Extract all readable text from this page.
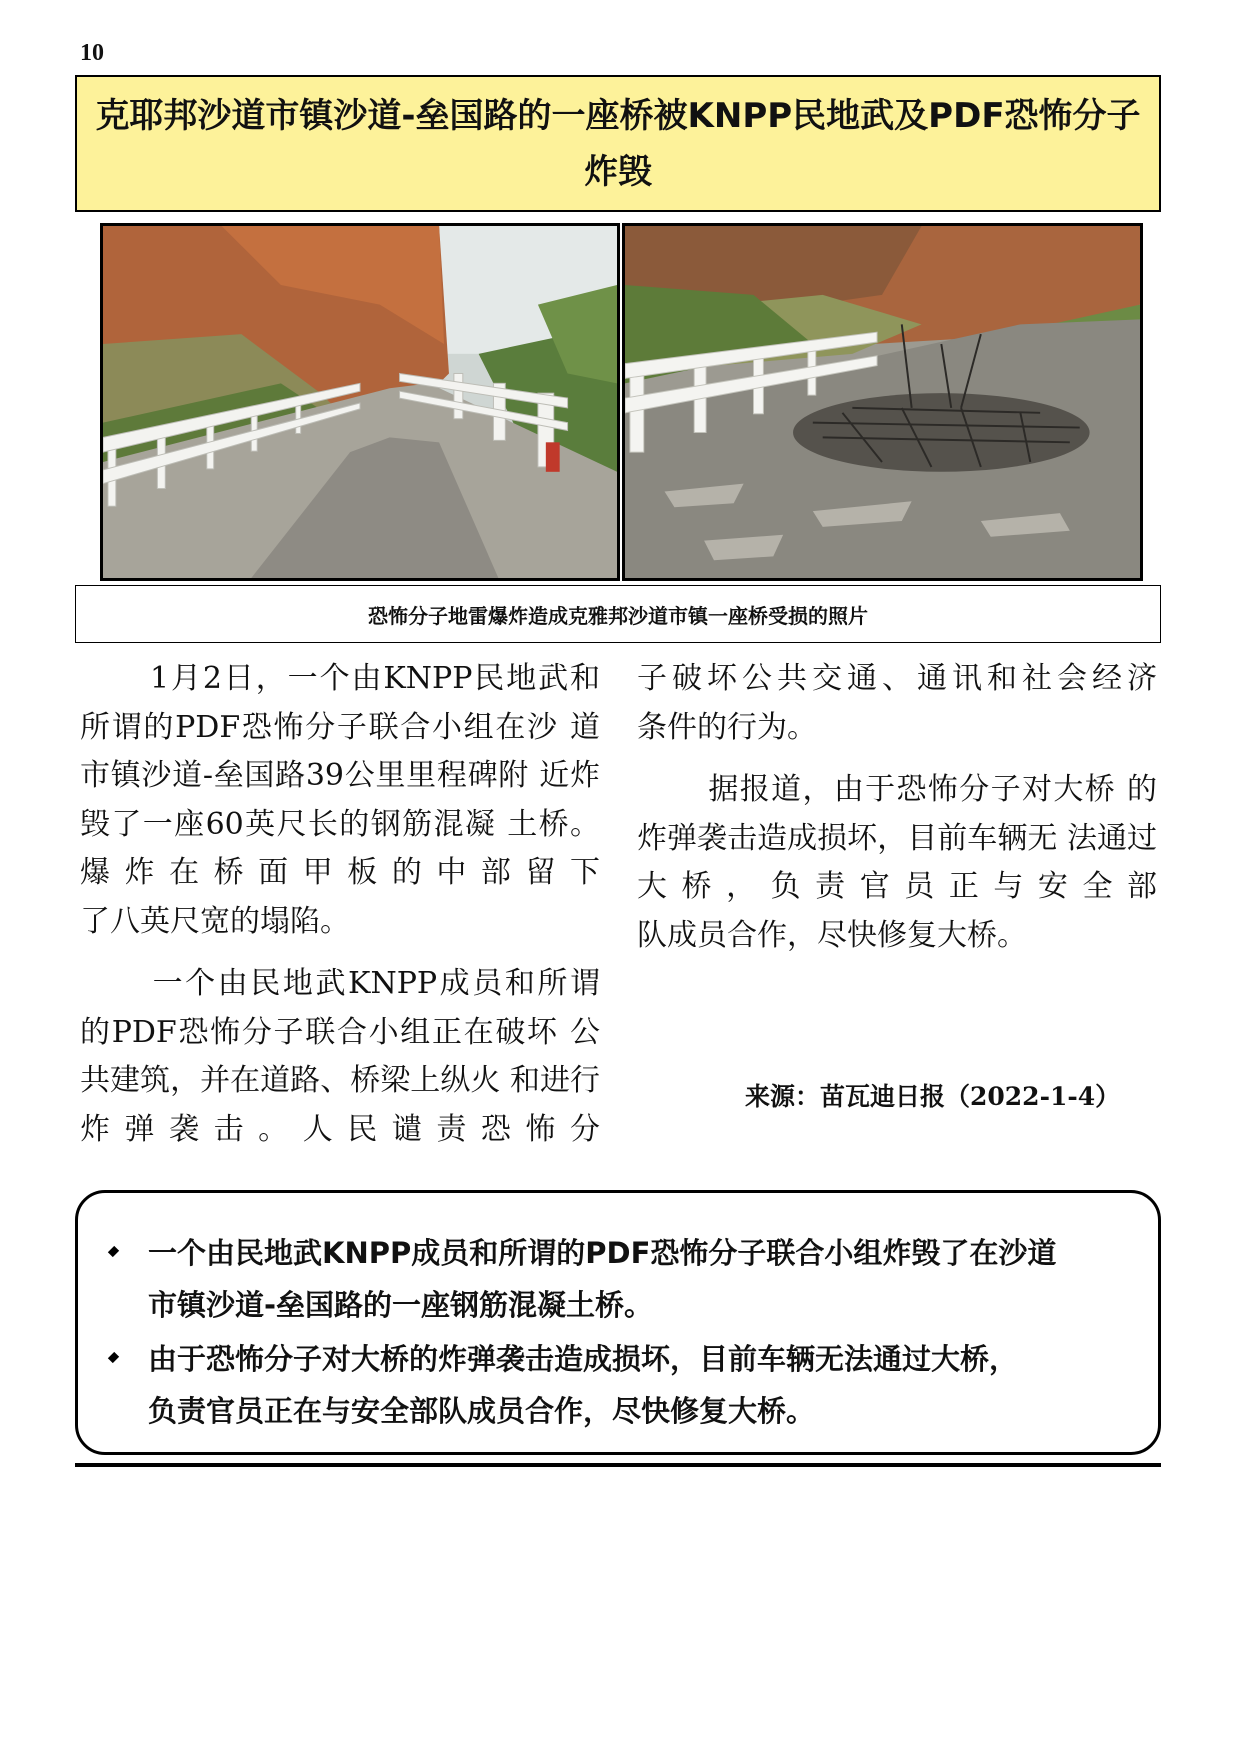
10
克耶邦沙道市镇沙道-垒国路的一座桥被KNPP民地武及PDF恐怖分子炸毁
恐怖分子地雷爆炸造成克雅邦沙道市镇一座桥受损的照片

1月2日，一个由KNPP民地武和 所谓的PDF恐怖分子联合小组在沙 道市镇沙道-垒国路39公里里程碑附 近炸毁了一座60英尺长的钢筋混凝 土桥。爆炸在桥面甲板的中部留下
了八英尺宽的塌陷。

一个由民地武KNPP成员和所谓 的PDF恐怖分子联合小组正在破坏 公共建筑，并在道路、桥梁上纵火 和进行炸弹袭击。人民谴责恐怖分

子破坏公共交通、通讯和社会经济
条件的行为。

据报道，由于恐怖分子对大桥 的炸弹袭击造成损坏，目前车辆无 法通过大桥，负责官员正与安全部
队成员合作，尽快修复大桥。

来源：苗瓦迪日报（2022-1-4）
一个由民地武KNPP成员和所谓的PDF恐怖分子联合小组炸毁了在沙道
市镇沙道-垒国路的一座钢筋混凝土桥。
由于恐怖分子对大桥的炸弹袭击造成损坏，目前车辆无法通过大桥，
负责官员正在与安全部队成员合作，尽快修复大桥。
